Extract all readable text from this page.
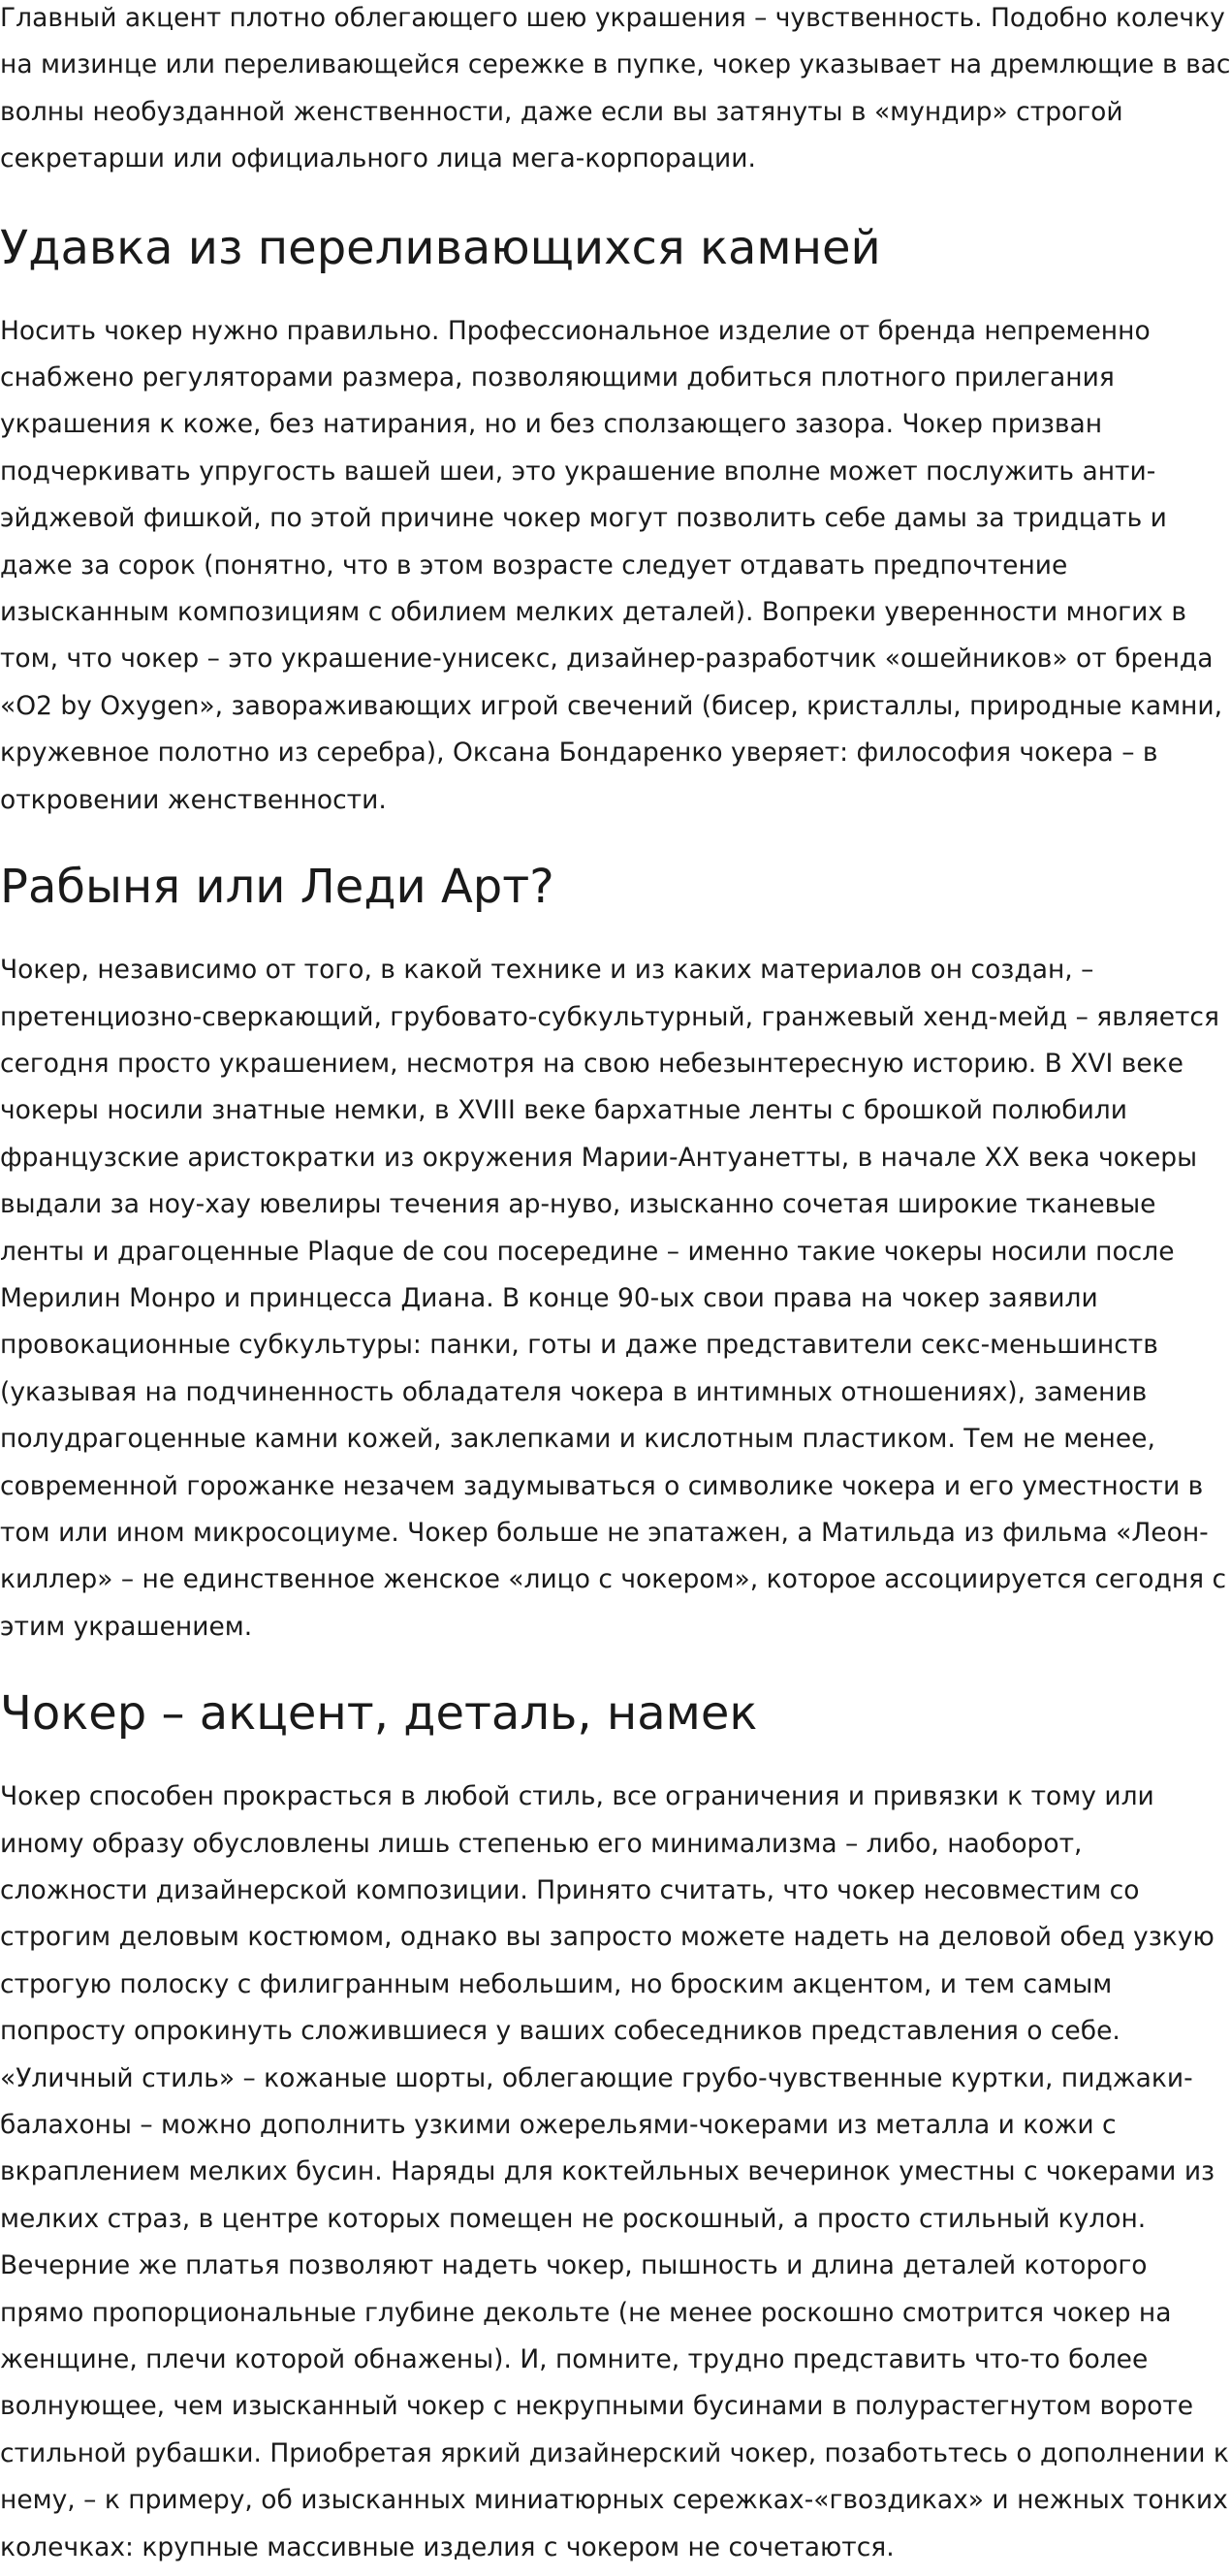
Главный акцент плотно облегающего шею украшения – чувственность. Подобно колечку на мизинце или переливающейся сережке в пупке, чокер указывает на дремлющие в вас волны необузданной женственности, даже если вы затянуты в «мундир» строгой секретарши или официального лица мега-корпорации.

Удавка из переливающихся камней

Носить чокер нужно правильно. Профессиональное изделие от бренда непременно снабжено регуляторами размера, позволяющими добиться плотного прилегания украшения к коже, без натирания, но и без сползающего зазора. Чокер призван подчеркивать упругость вашей шеи, это украшение вполне может послужить анти-эйджевой фишкой, по этой причине чокер могут позволить себе дамы за тридцать и даже за сорок (понятно, что в этом возрасте следует отдавать предпочтение изысканным композициям с обилием мелких деталей). Вопреки уверенности многих в том, что чокер – это украшение-унисекс, дизайнер-разработчик «ошейников» от бренда «O2 by Oxygen», завораживающих игрой свечений (бисер, кристаллы, природные камни, кружевное полотно из серебра), Оксана Бондаренко уверяет: философия чокера – в откровении женственности.

Рабыня или Леди Арт?

Чокер, независимо от того, в какой технике и из каких материалов он создан, – претенциозно-сверкающий, грубовато-субкультурный, гранжевый хенд-мейд – является сегодня просто украшением, несмотря на свою небезынтересную историю. В XVI веке чокеры носили знатные немки, в XVIII веке бархатные ленты с брошкой полюбили французские аристократки из окружения Марии-Антуанетты, в начале XX века чокеры выдали за ноу-хау ювелиры течения ар-нуво, изысканно сочетая широкие тканевые ленты и драгоценные Plaque de cou посередине – именно такие чокеры носили после Мерилин Монро и принцесса Диана. В конце 90-ых свои права на чокер заявили провокационные субкультуры: панки, готы и даже представители секс-меньшинств (указывая на подчиненность обладателя чокера в интимных отношениях), заменив полудрагоценные камни кожей, заклепками и кислотным пластиком. Тем не менее, современной горожанке незачем задумываться о символике чокера и его уместности в том или ином микросоциуме. Чокер больше не эпатажен, а Матильда из фильма «Леон-киллер» – не единственное женское «лицо с чокером», которое ассоциируется сегодня с этим украшением.

Чокер – акцент, деталь, намек

Чокер способен прокрасться в любой стиль, все ограничения и привязки к тому или иному образу обусловлены лишь степенью его минимализма – либо, наоборот, сложности дизайнерской композиции. Принято считать, что чокер несовместим со строгим деловым костюмом, однако вы запросто можете надеть на деловой обед узкую строгую полоску с филигранным небольшим, но броским акцентом, и тем самым попросту опрокинуть сложившиеся у ваших собеседников представления о себе. «Уличный стиль» – кожаные шорты, облегающие грубо-чувственные куртки, пиджаки-балахоны – можно дополнить узкими ожерельями-чокерами из металла и кожи с вкраплением мелких бусин. Наряды для коктейльных вечеринок уместны с чокерами из мелких страз, в центре которых помещен не роскошный, а просто стильный кулон. Вечерние же платья позволяют надеть чокер, пышность и длина деталей которого прямо пропорциональные глубине декольте (не менее роскошно смотрится чокер на женщине, плечи которой обнажены). И, помните, трудно представить что-то более волнующее, чем изысканный чокер с некрупными бусинами в полурастегнутом вороте стильной рубашки. Приобретая яркий дизайнерский чокер, позаботьтесь о дополнении к нему, – к примеру, об изысканных миниатюрных сережках-«гвоздиках» и нежных тонких колечках: крупные массивные изделия с чокером не сочетаются.
